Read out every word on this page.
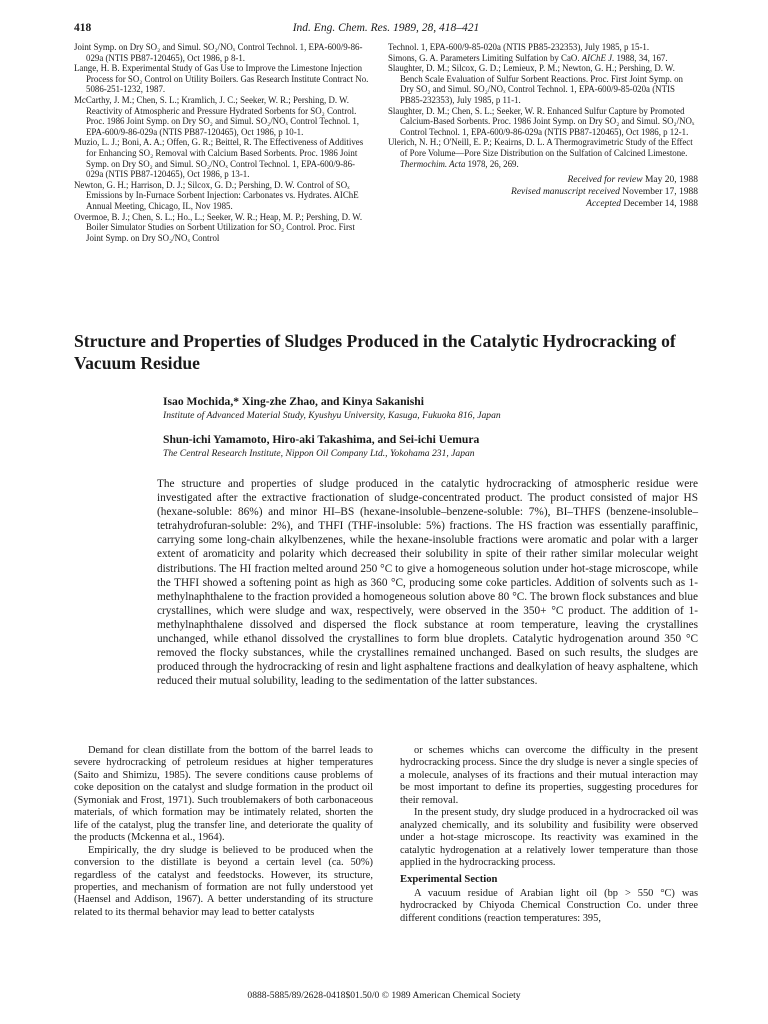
418	Ind. Eng. Chem. Res. 1989, 28, 418–421

Joint Symp. on Dry SO₂ and Simul. SO₂/NOₓ Control Technol. 1, EPA-600/9-86-029a (NTIS PB87-120465), Oct 1986, p 8-1.

Lange, H. B. Experimental Study of Gas Use to Improve the Limestone Injection Process for SO₂ Control on Utility Boilers. Gas Research Institute Contract No. 5086-251-1232, 1987.

McCarthy, J. M.; Chen, S. L.; Kramlich, J. C.; Seeker, W. R.; Pershing, D. W. Reactivity of Atmospheric and Pressure Hydrated Sorbents for SO₂ Control. Proc. 1986 Joint Symp. on Dry SO₂ and Simul. SO₂/NOₓ Control Technol. 1, EPA-600/9-86-029a (NTIS PB87-120465), Oct 1986, p 10-1.

Muzio, L. J.; Boni, A. A.; Offen, G. R.; Beittel, R. The Effectiveness of Additives for Enhancing SO₂ Removal with Calcium Based Sorbents. Proc. 1986 Joint Symp. on Dry SO₂ and Simul. SO₂/NOₓ Control Technol. 1, EPA-600/9-86-029a (NTIS PB87-120465), Oct 1986, p 13-1.

Newton, G. H.; Harrison, D. J.; Silcox, G. D.; Pershing, D. W. Control of SOₓ Emissions by In-Furnace Sorbent Injection: Carbonates vs. Hydrates. AIChE Annual Meeting, Chicago, IL, Nov 1985.

Overmoe, B. J.; Chen, S. L.; Ho., L.; Seeker, W. R.; Heap, M. P.; Pershing, D. W. Boiler Simulator Studies on Sorbent Utilization for SO₂ Control. Proc. First Joint Symp. on Dry SO₂/NOₓ Control

Technol. 1, EPA-600/9-85-020a (NTIS PB85-232353), July 1985, p 15-1.

Simons, G. A. Parameters Limiting Sulfation by CaO. AIChE J. 1988, 34, 167.

Slaughter, D. M.; Silcox, G. D.; Lemieux, P. M.; Newton, G. H.; Pershing, D. W. Bench Scale Evaluation of Sulfur Sorbent Reactions. Proc. First Joint Symp. on Dry SO₂ and Simul. SO₂/NOₓ Control Technol. 1, EPA-600/9-85-020a (NTIS PB85-232353), July 1985, p 11-1.

Slaughter, D. M.; Chen, S. L.; Seeker, W. R. Enhanced Sulfur Capture by Promoted Calcium-Based Sorbents. Proc. 1986 Joint Symp. on Dry SO₂ and Simul. SO₂/NOₓ Control Technol. 1, EPA-600/9-86-029a (NTIS PB87-120465), Oct 1986, p 12-1.

Ulerich, N. H.; O'Neill, E. P.; Keairns, D. L. A Thermogravimetric Study of the Effect of Pore Volume—Pore Size Distribution on the Sulfation of Calcined Limestone. Thermochim. Acta 1978, 26, 269.

Received for review May 20, 1988
Revised manuscript received November 17, 1988
Accepted December 14, 1988
Structure and Properties of Sludges Produced in the Catalytic Hydrocracking of Vacuum Residue
Isao Mochida,* Xing-zhe Zhao, and Kinya Sakanishi
Institute of Advanced Material Study, Kyushyu University, Kasuga, Fukuoka 816, Japan
Shun-ichi Yamamoto, Hiro-aki Takashima, and Sei-ichi Uemura
The Central Research Institute, Nippon Oil Company Ltd., Yokohama 231, Japan

The structure and properties of sludge produced in the catalytic hydrocracking of atmospheric residue were investigated after the extractive fractionation of sludge-concentrated product. The product consisted of major HS (hexane-soluble: 86%) and minor HI–BS (hexane-insoluble–benzene-soluble: 7%), BI–THFS (benzene-insoluble–tetrahydrofuran-soluble: 2%), and THFI (THF-insoluble: 5%) fractions. The HS fraction was essentially paraffinic, carrying some long-chain alkylbenzenes, while the hexane-insoluble fractions were aromatic and polar with a larger extent of aromaticity and polarity which decreased their solubility in spite of their rather similar molecular weight distributions. The HI fraction melted around 250 °C to give a homogeneous solution under hot-stage microscope, while the THFI showed a softening point as high as 360 °C, producing some coke particles. Addition of solvents such as 1-methylnaphthalene to the fraction provided a homogeneous solution above 80 °C. The brown flock substances and blue crystallines, which were sludge and wax, respectively, were observed in the 350+ °C product. The addition of 1-methylnaphthalene dissolved and dispersed the flock substance at room temperature, leaving the crystallines unchanged, while ethanol dissolved the crystallines to form blue droplets. Catalytic hydrogenation around 350 °C removed the flocky substances, while the crystallines remained unchanged. Based on such results, the sludges are produced through the hydrocracking of resin and light asphaltene fractions and dealkylation of heavy asphaltene, which reduced their mutual solubility, leading to the sedimentation of the latter substances.

Demand for clean distillate from the bottom of the barrel leads to severe hydrocracking of petroleum residues at higher temperatures (Saito and Shimizu, 1985). The severe conditions cause problems of coke deposition on the catalyst and sludge formation in the product oil (Symoniak and Frost, 1971). Such troublemakers of both carbonaceous materials, of which formation may be intimately related, shorten the life of the catalyst, plug the transfer line, and deteriorate the quality of the products (Mckenna et al., 1964).

Empirically, the dry sludge is believed to be produced when the conversion to the distillate is beyond a certain level (ca. 50%) regardless of the catalyst and feedstocks. However, its structure, properties, and mechanism of formation are not fully understood yet (Haensel and Addison, 1967). A better understanding of its structure related to its thermal behavior may lead to better catalysts

or schemes whichs can overcome the difficulty in the present hydrocracking process. Since the dry sludge is never a single species of a molecule, analyses of its fractions and their mutual interaction may be most important to define its properties, suggesting procedures for their removal.

In the present study, dry sludge produced in a hydrocracked oil was analyzed chemically, and its solubility and fusibility were observed under a hot-stage microscope. Its reactivity was examined in the catalytic hydrogenation at a relatively lower temperature than those applied in the hydrocracking process.

Experimental Section

A vacuum residue of Arabian light oil (bp > 550 °C) was hydrocracked by Chiyoda Chemical Construction Co. under three different conditions (reaction temperatures: 395,

0888-5885/89/2628-0418$01.50/0 © 1989 American Chemical Society
